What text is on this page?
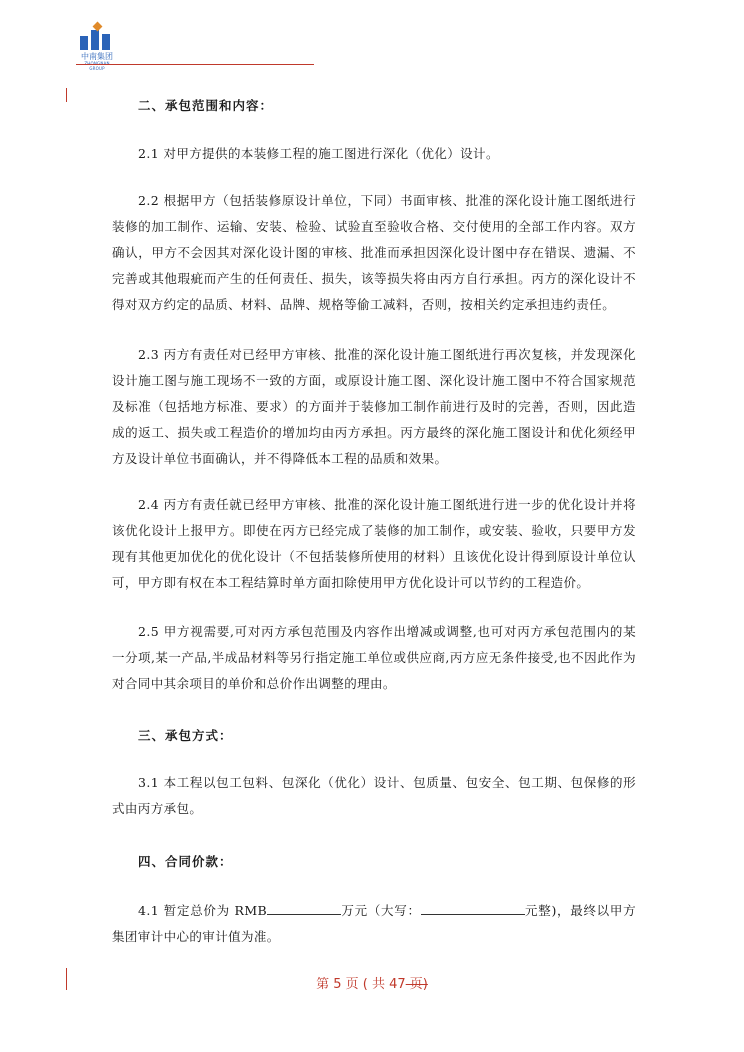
中南集团
GROUP
二、承包范围和内容：
2.1 对甲方提供的本装修工程的施工图进行深化（优化）设计。
2.2 根据甲方（包括装修原设计单位，下同）书面审核、批准的深化设计施工图纸进行装修的加工制作、运输、安装、检验、试验直至验收合格、交付使用的全部工作内容。双方确认，甲方不会因其对深化设计图的审核、批准而承担因深化设计图中存在错误、遗漏、不完善或其他瑕疵而产生的任何责任、损失，该等损失将由丙方自行承担。丙方的深化设计不得对双方约定的品质、材料、品牌、规格等偷工减料，否则，按相关约定承担违约责任。
2.3 丙方有责任对已经甲方审核、批准的深化设计施工图纸进行再次复核，并发现深化设计施工图与施工现场不一致的方面，或原设计施工图、深化设计施工图中不符合国家规范及标准（包括地方标准、要求）的方面并于装修加工制作前进行及时的完善，否则，因此造成的返工、损失或工程造价的增加均由丙方承担。丙方最终的深化施工图设计和优化须经甲方及设计单位书面确认，并不得降低本工程的品质和效果。
2.4 丙方有责任就已经甲方审核、批准的深化设计施工图纸进行进一步的优化设计并将该优化设计上报甲方。即使在丙方已经完成了装修的加工制作，或安装、验收，只要甲方发现有其他更加优化的优化设计（不包括装修所使用的材料）且该优化设计得到原设计单位认可，甲方即有权在本工程结算时单方面扣除使用甲方优化设计可以节约的工程造价。
2.5 甲方视需要,可对丙方承包范围及内容作出增减或调整,也可对丙方承包范围内的某一分项,某一产品,半成品材料等另行指定施工单位或供应商,丙方应无条件接受,也不因此作为对合同中其余项目的单价和总价作出调整的理由。
三、承包方式：
3.1 本工程以包工包料、包深化（优化）设计、包质量、包安全、包工期、包保修的形式由丙方承包。
四、合同价款：
4.1 暂定总价为 RMB	万元（大写：	元整)，最终以甲方集团审计中心的审计值为准。
第 5 页 ( 共 47 页)
